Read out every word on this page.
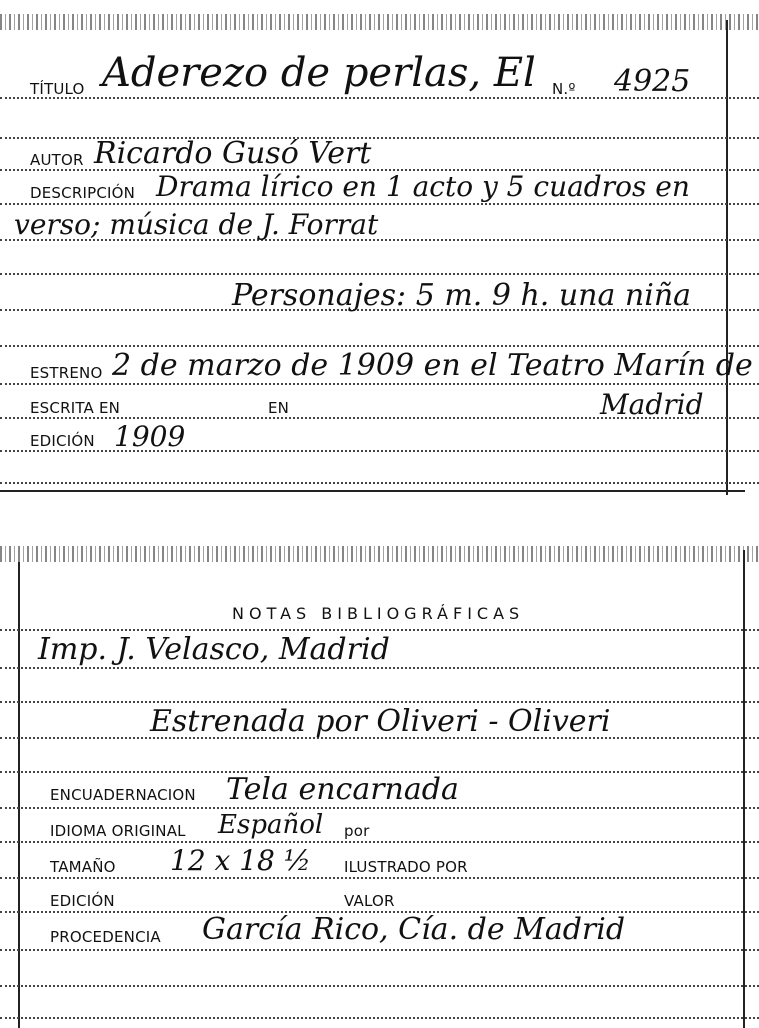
TÍTULO Aderezo de perlas, El N.º 4925
AUTOR Ricardo Gusó Vert
DESCRIPCIÓN Drama lírico en 1 acto y 5 cuadros en
verso; música de J. Forrat
Personajes: 5 m. 9 h. una niña
ESTRENO 2 de marzo de 1909 en el Teatro Marín de
Madrid
ESCRITA EN	EN
EDICIÓN 1909
NOTAS BIBLIOGRÁFICAS
Imp. J. Velasco, Madrid
Estrenada por Oliveri - Oliveri
ENCUADERNACION Tela encarnada
IDIOMA ORIGINAL Español por
TAMAÑO 12 x 18 ½ ILUSTRADO POR
EDICIÓN	VALOR
PROCEDENCIA García Rico, Cía. de Madrid
